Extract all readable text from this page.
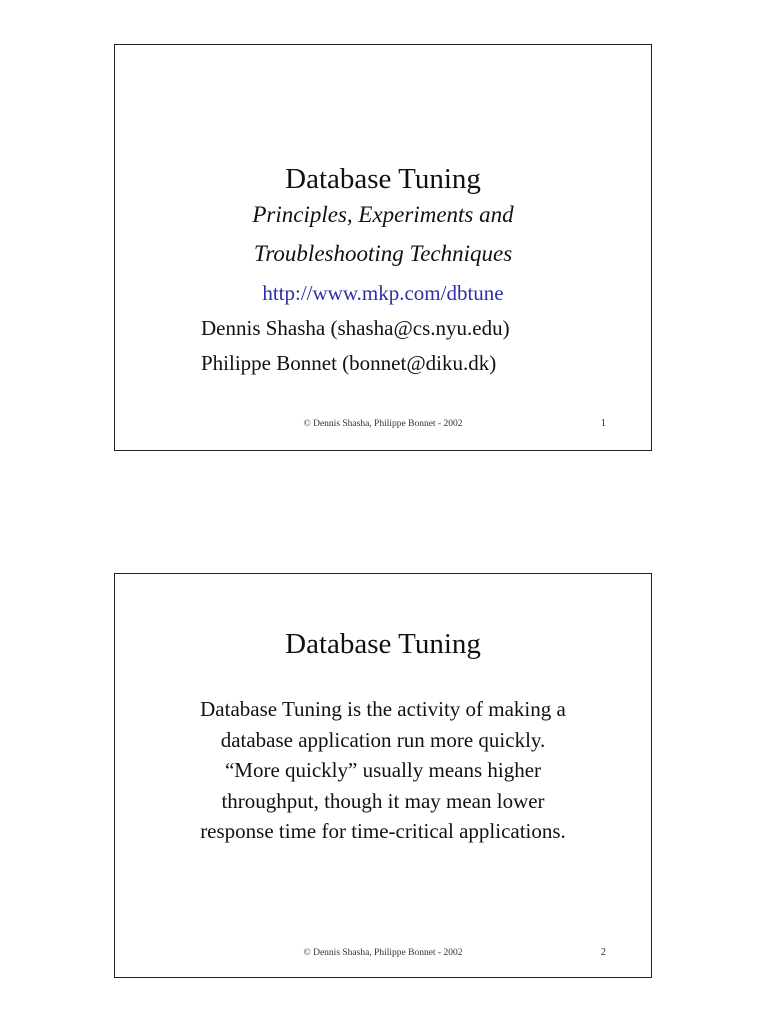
Database Tuning
Principles, Experiments and
Troubleshooting Techniques
http://www.mkp.com/dbtune
Dennis Shasha (shasha@cs.nyu.edu)
Philippe Bonnet (bonnet@diku.dk)
© Dennis Shasha, Philippe Bonnet - 2002	1
Database Tuning
Database Tuning is the activity of making a
database application run more quickly.
“More quickly” usually means higher
throughput, though it may mean lower
response time for time-critical applications.
© Dennis Shasha, Philippe Bonnet - 2002	2
